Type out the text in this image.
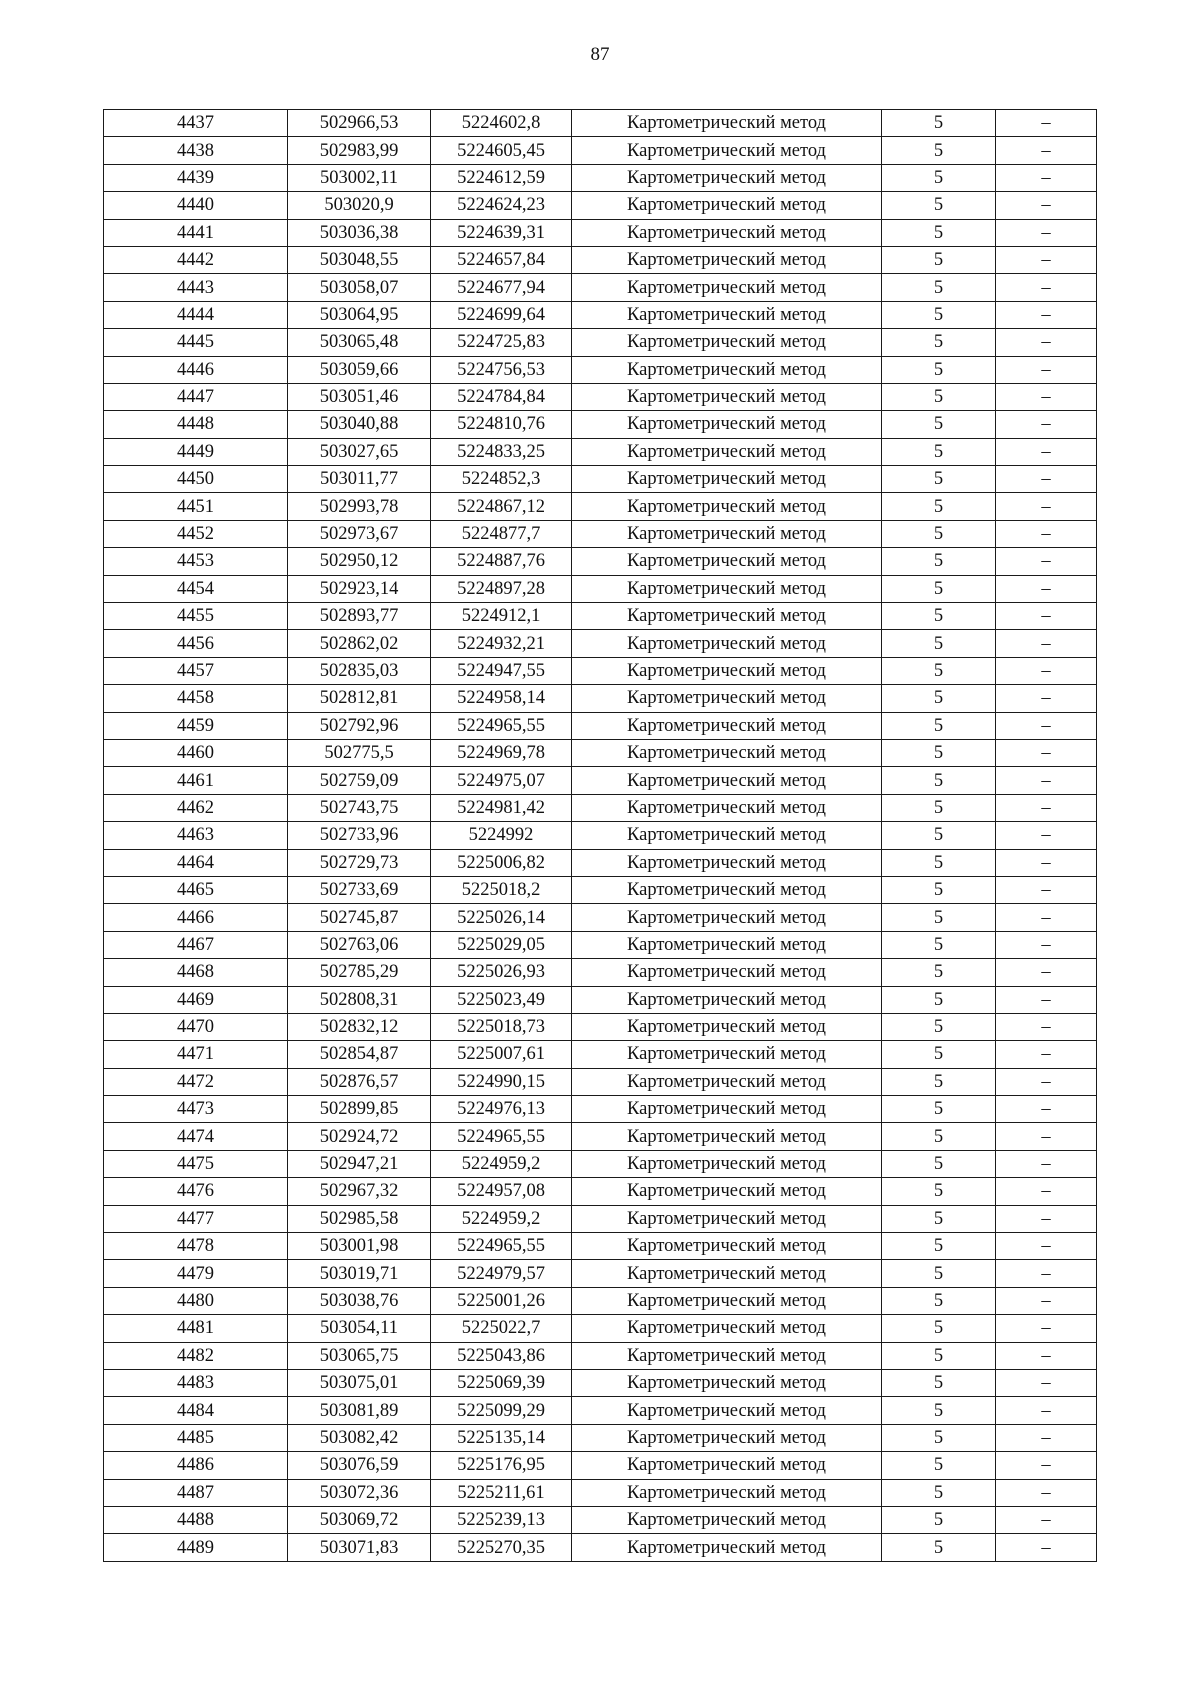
87
4437	502966,53	5224602,8	Картометрический метод	5	–
4438	502983,99	5224605,45	Картометрический метод	5	–
4439	503002,11	5224612,59	Картометрический метод	5	–
4440	503020,9	5224624,23	Картометрический метод	5	–
4441	503036,38	5224639,31	Картометрический метод	5	–
4442	503048,55	5224657,84	Картометрический метод	5	–
4443	503058,07	5224677,94	Картометрический метод	5	–
4444	503064,95	5224699,64	Картометрический метод	5	–
4445	503065,48	5224725,83	Картометрический метод	5	–
4446	503059,66	5224756,53	Картометрический метод	5	–
4447	503051,46	5224784,84	Картометрический метод	5	–
4448	503040,88	5224810,76	Картометрический метод	5	–
4449	503027,65	5224833,25	Картометрический метод	5	–
4450	503011,77	5224852,3	Картометрический метод	5	–
4451	502993,78	5224867,12	Картометрический метод	5	–
4452	502973,67	5224877,7	Картометрический метод	5	–
4453	502950,12	5224887,76	Картометрический метод	5	–
4454	502923,14	5224897,28	Картометрический метод	5	–
4455	502893,77	5224912,1	Картометрический метод	5	–
4456	502862,02	5224932,21	Картометрический метод	5	–
4457	502835,03	5224947,55	Картометрический метод	5	–
4458	502812,81	5224958,14	Картометрический метод	5	–
4459	502792,96	5224965,55	Картометрический метод	5	–
4460	502775,5	5224969,78	Картометрический метод	5	–
4461	502759,09	5224975,07	Картометрический метод	5	–
4462	502743,75	5224981,42	Картометрический метод	5	–
4463	502733,96	5224992	Картометрический метод	5	–
4464	502729,73	5225006,82	Картометрический метод	5	–
4465	502733,69	5225018,2	Картометрический метод	5	–
4466	502745,87	5225026,14	Картометрический метод	5	–
4467	502763,06	5225029,05	Картометрический метод	5	–
4468	502785,29	5225026,93	Картометрический метод	5	–
4469	502808,31	5225023,49	Картометрический метод	5	–
4470	502832,12	5225018,73	Картометрический метод	5	–
4471	502854,87	5225007,61	Картометрический метод	5	–
4472	502876,57	5224990,15	Картометрический метод	5	–
4473	502899,85	5224976,13	Картометрический метод	5	–
4474	502924,72	5224965,55	Картометрический метод	5	–
4475	502947,21	5224959,2	Картометрический метод	5	–
4476	502967,32	5224957,08	Картометрический метод	5	–
4477	502985,58	5224959,2	Картометрический метод	5	–
4478	503001,98	5224965,55	Картометрический метод	5	–
4479	503019,71	5224979,57	Картометрический метод	5	–
4480	503038,76	5225001,26	Картометрический метод	5	–
4481	503054,11	5225022,7	Картометрический метод	5	–
4482	503065,75	5225043,86	Картометрический метод	5	–
4483	503075,01	5225069,39	Картометрический метод	5	–
4484	503081,89	5225099,29	Картометрический метод	5	–
4485	503082,42	5225135,14	Картометрический метод	5	–
4486	503076,59	5225176,95	Картометрический метод	5	–
4487	503072,36	5225211,61	Картометрический метод	5	–
4488	503069,72	5225239,13	Картометрический метод	5	–
4489	503071,83	5225270,35	Картометрический метод	5	–
